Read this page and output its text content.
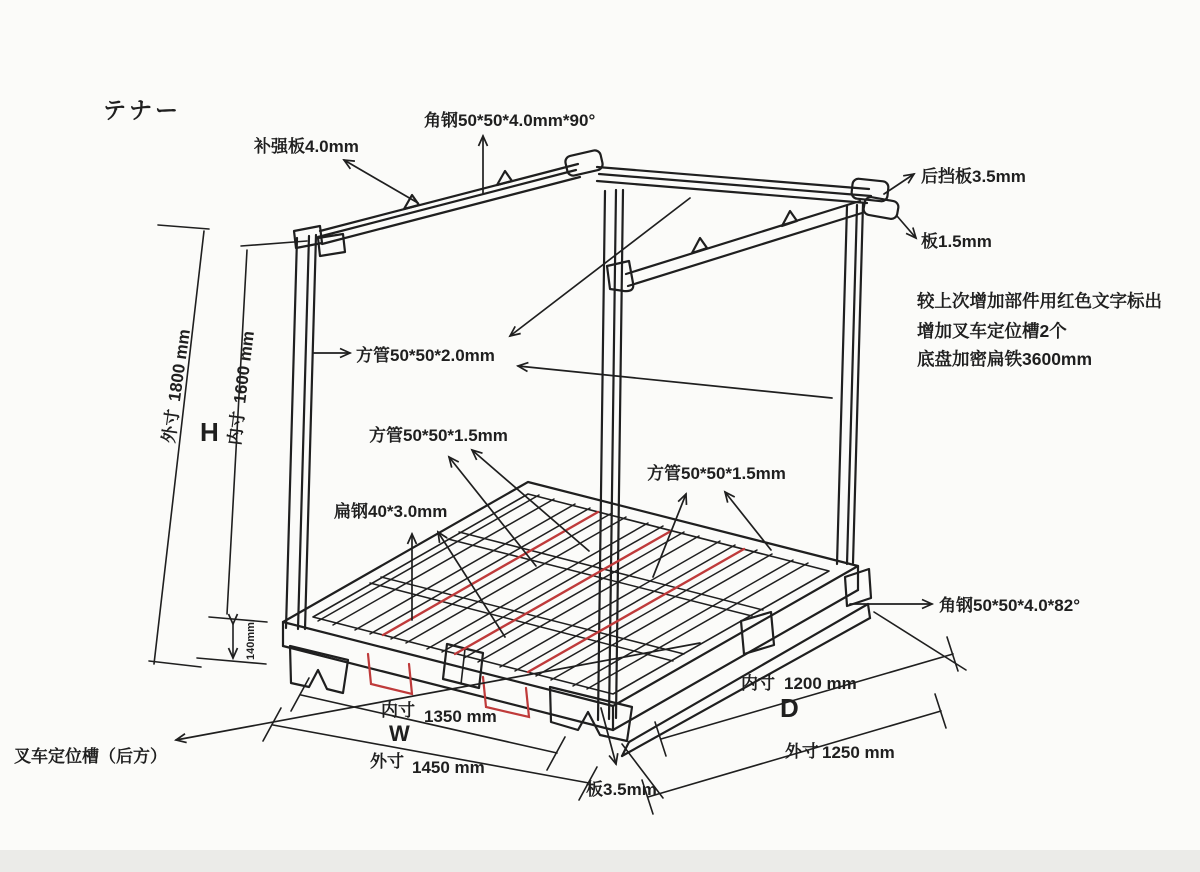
テナー
补强板4.0mm
角钢50*50*4.0mm*90°
后挡板3.5mm
板1.5mm
方管50*50*2.0mm
方管50*50*1.5mm
扁钢40*3.0mm
方管50*50*1.5mm
角钢50*50*4.0*82°
板3.5mm
叉车定位槽（后方）
较上次增加部件用红色文字标出
增加叉车定位槽2个
底盘加密扁铁3600mm
外寸1800 mm
内寸1600 mm
H
140mm
内寸 1350 mm
W
外寸 1450 mm
内寸 1200 mm
D
外寸 1250 mm
